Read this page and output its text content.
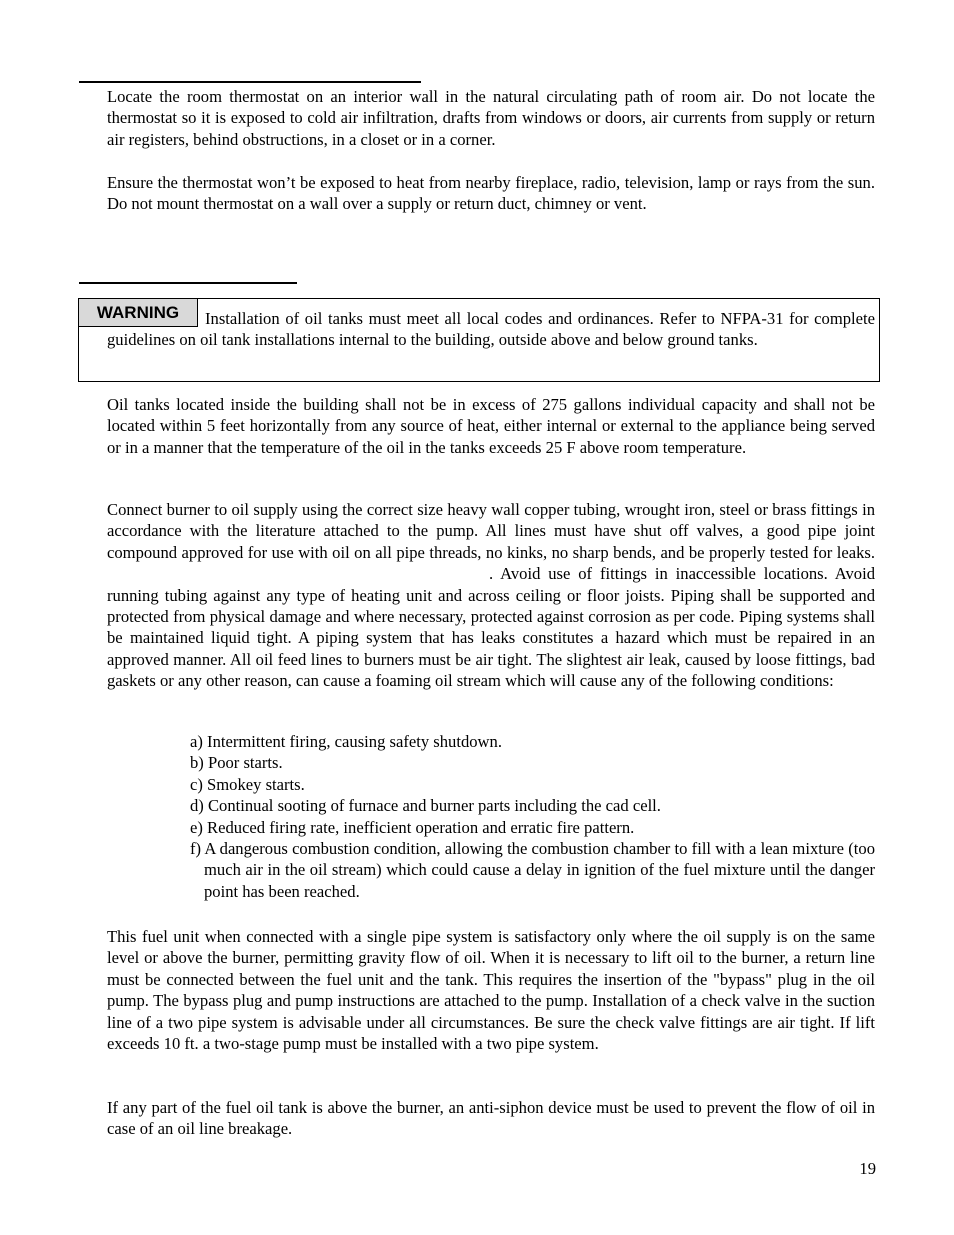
Locate the room thermostat on an interior wall in the natural circulating path of room air. Do not locate the thermostat so it is exposed to cold air infiltration, drafts from windows or doors, air currents from supply or return air registers, behind obstructions, in a closet or in a corner.

Ensure the thermostat won’t be exposed to heat from nearby fireplace, radio, television, lamp or rays from the sun. Do not mount thermostat on a wall over a supply or return duct, chimney or vent.

WARNING	Installation of oil tanks must meet all local codes and ordinances. Refer to NFPA-31 for complete guidelines on oil tank installations internal to the building, outside above and below ground tanks.

Oil tanks located inside the building shall not be in excess of 275 gallons individual capacity and shall not be located within 5 feet horizontally from any source of heat, either internal or external to the appliance being served or in a manner that the temperature of the oil in the tanks exceeds 25 F above room temperature.

Connect burner to oil supply using the correct size heavy wall copper tubing, wrought iron, steel or brass fittings in accordance with the literature attached to the pump. All lines must have shut off valves, a good pipe joint compound approved for use with oil on all pipe threads, no kinks, no sharp bends, and be properly tested for leaks.. Avoid use of fittings in inaccessible locations. Avoid running tubing against any type of heating unit and across ceiling or floor joists. Piping shall be supported and protected from physical damage and where necessary, protected against corrosion as per code. Piping systems shall be maintained liquid tight. A piping system that has leaks constitutes a hazard which must be repaired in an approved manner. All oil feed lines to burners must be air tight. The slightest air leak, caused by loose fittings, bad gaskets or any other reason, can cause a foaming oil stream which will cause any of the following conditions:
a) Intermittent firing, causing safety shutdown.
b) Poor starts.
c) Smokey starts.
d) Continual sooting of furnace and burner parts including the cad cell.
e) Reduced firing rate, inefficient operation and erratic fire pattern.
f) A dangerous combustion condition, allowing the combustion chamber to fill with a lean mixture (too much air in the oil stream) which could cause a delay in ignition of the fuel mixture until the danger point has been reached.

This fuel unit when connected with a single pipe system is satisfactory only where the oil supply is on the same level or above the burner, permitting gravity flow of oil. When it is necessary to lift oil to the burner, a return line must be connected between the fuel unit and the tank. This requires the insertion of the "bypass" plug in the oil pump. The bypass plug and pump instructions are attached to the pump. Installation of a check valve in the suction line of a two pipe system is advisable under all circumstances. Be sure the check valve fittings are air tight. If lift exceeds 10 ft. a two-stage pump must be installed with a two pipe system.

If any part of the fuel oil tank is above the burner, an anti-siphon device must be used to prevent the flow of oil in case of an oil line breakage.

19
